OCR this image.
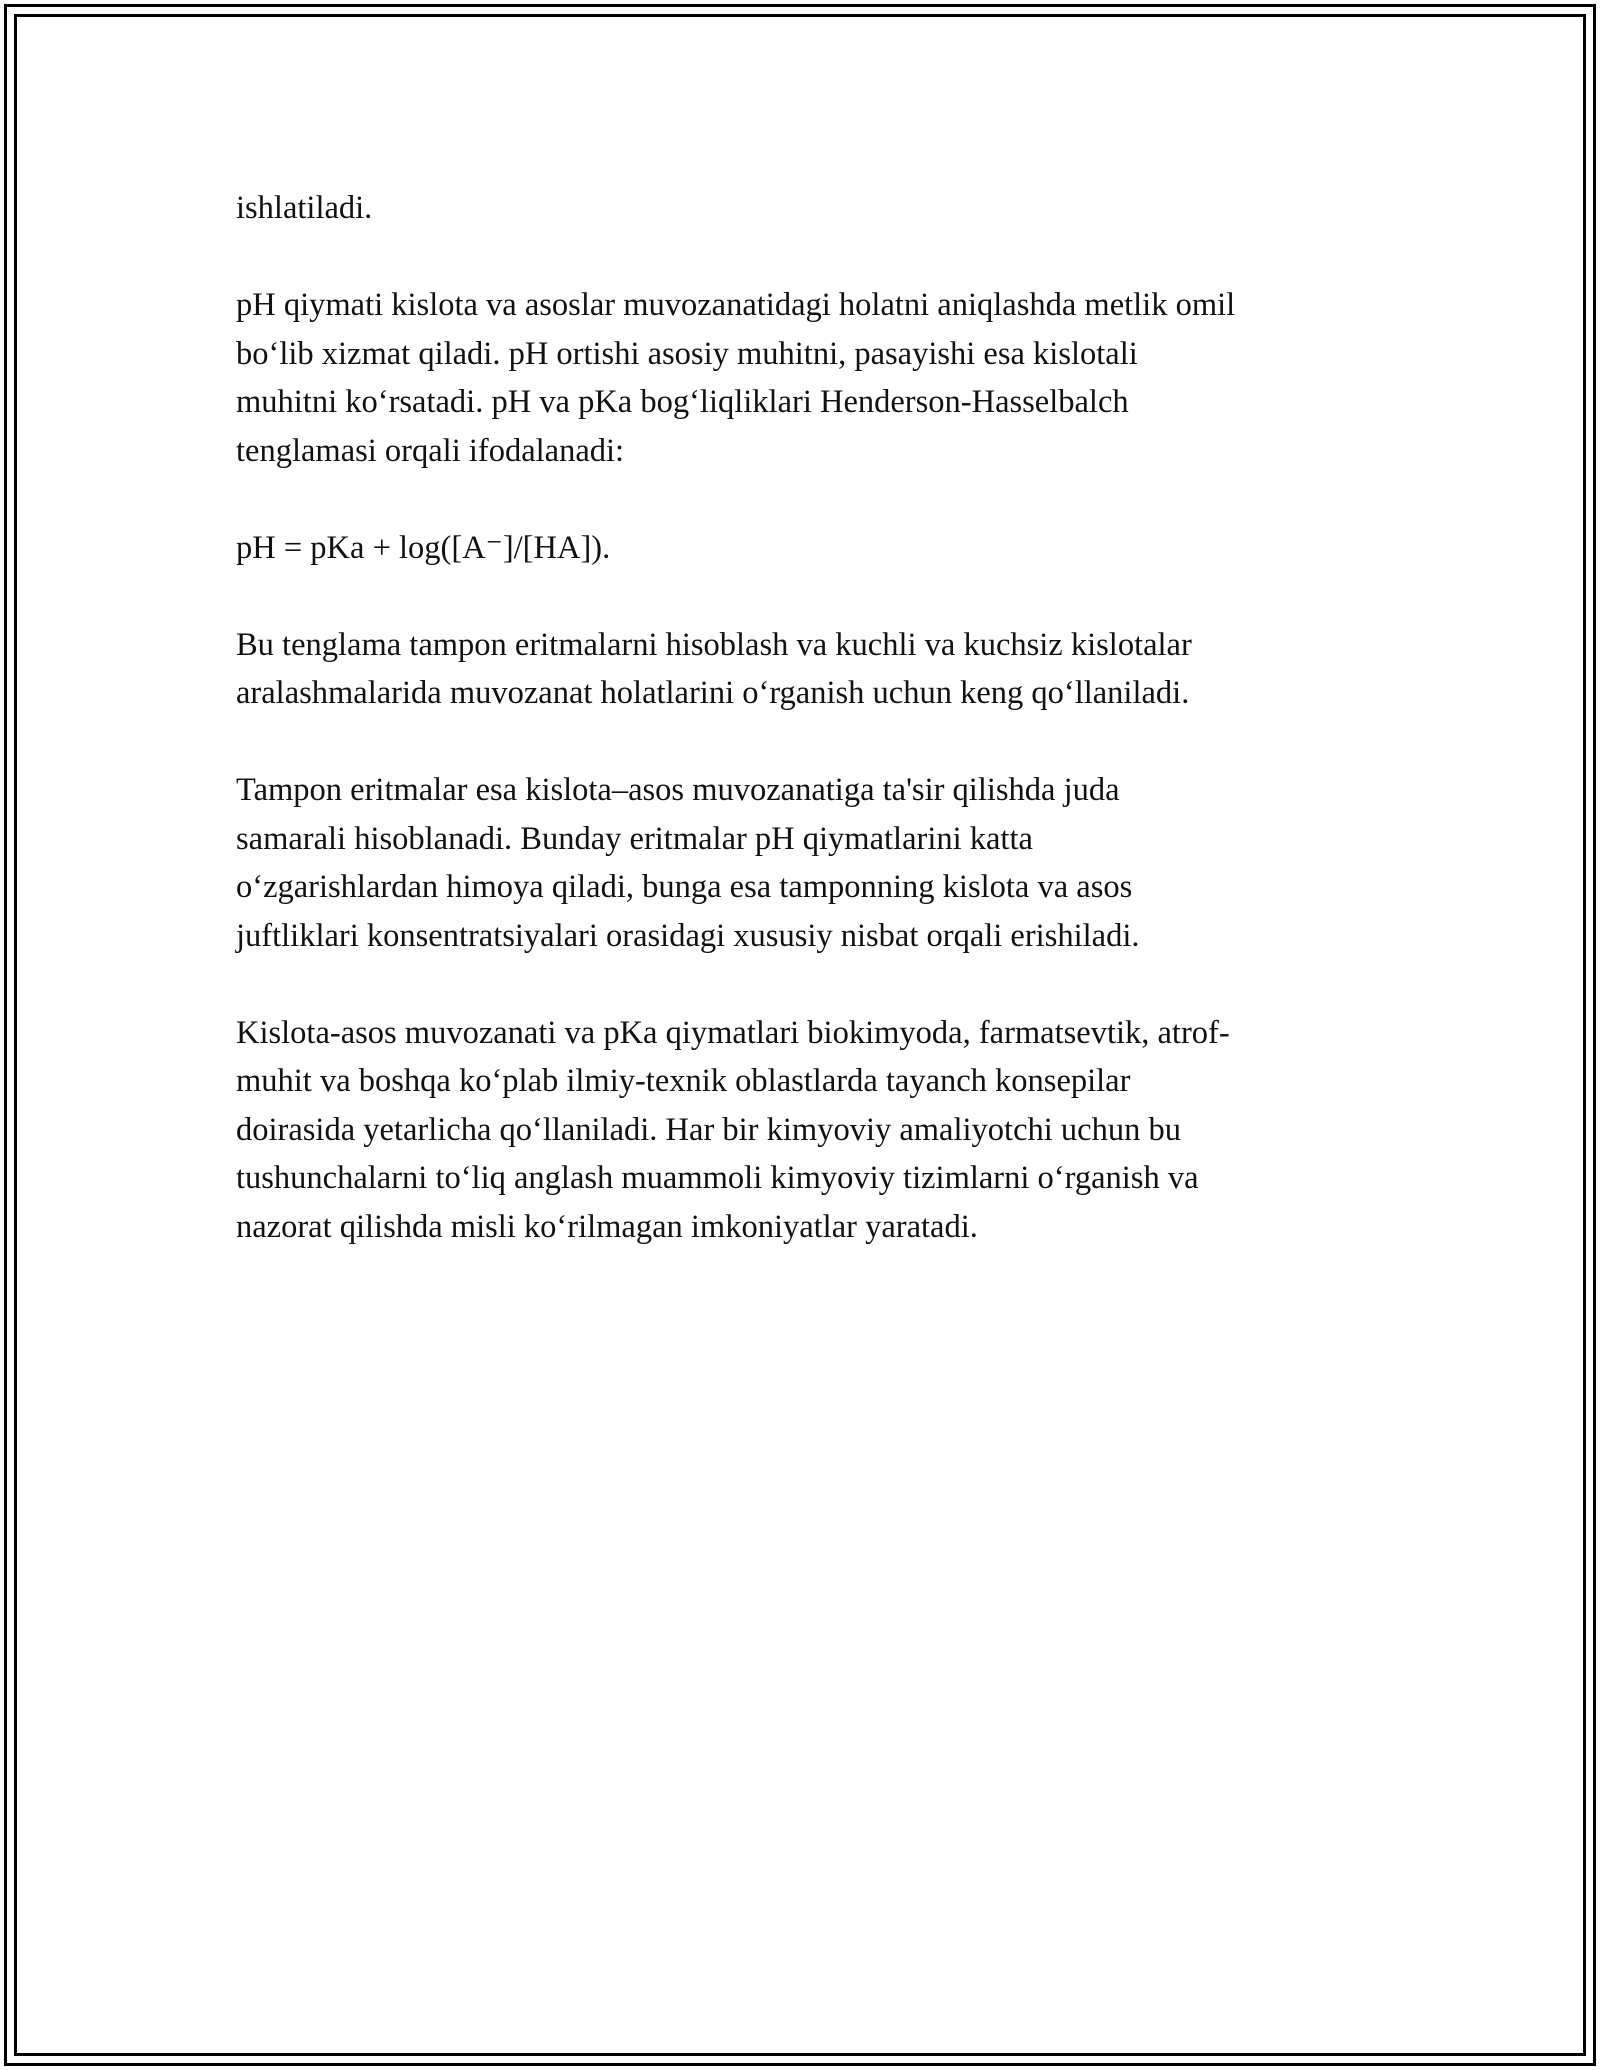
ishlatiladi.

pH qiymati kislota va asoslar muvozanatidagi holatni aniqlashda metlik omil
bo‘lib xizmat qiladi. pH ortishi asosiy muhitni, pasayishi esa kislotali
muhitni ko‘rsatadi. pH va pKa bog‘liqliklari Henderson-Hasselbalch
tenglamasi orqali ifodalanadi:

pH = pKa + log([A⁻]/[HA]).

Bu tenglama tampon eritmalarni hisoblash va kuchli va kuchsiz kislotalar
aralashmalarida muvozanat holatlarini o‘rganish uchun keng qo‘llaniladi.

Tampon eritmalar esa kislota–asos muvozanatiga ta'sir qilishda juda
samarali hisoblanadi. Bunday eritmalar pH qiymatlarini katta
o‘zgarishlardan himoya qiladi, bunga esa tamponning kislota va asos
juftliklari konsentratsiyalari orasidagi xususiy nisbat orqali erishiladi.

Kislota-asos muvozanati va pKa qiymatlari biokimyoda, farmatsevtik, atrof-
muhit va boshqa ko‘plab ilmiy-texnik oblastlarda tayanch konsepilar
doirasida yetarlicha qo‘llaniladi. Har bir kimyoviy amaliyotchi uchun bu
tushunchalarni to‘liq anglash muammoli kimyoviy tizimlarni o‘rganish va
nazorat qilishda misli ko‘rilmagan imkoniyatlar yaratadi.
